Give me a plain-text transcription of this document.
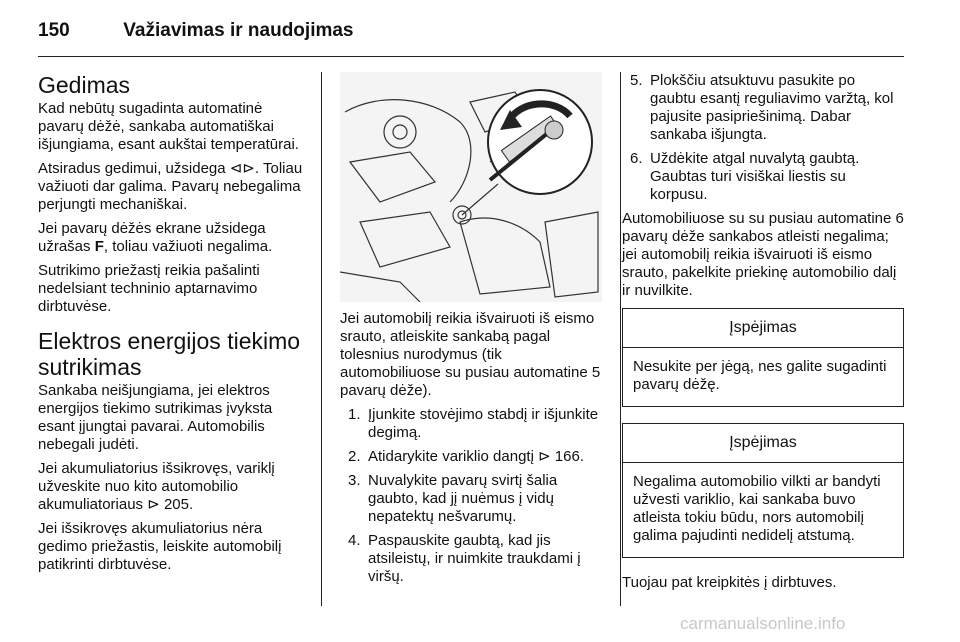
150	Važiavimas ir naudojimas
Gedimas

Kad nebūtų sugadinta automatinė pavarų dėžė, sankaba automatiškai išjungiama, esant aukštai temperatūrai.

Atsiradus gedimui, užsidega ⊲⊳. Toliau važiuoti dar galima. Pavarų nebegalima perjungti mechaniškai.

Jei pavarų dėžės ekrane užsidega užrašas F, toliau važiuoti negalima.

Sutrikimo priežastį reikia pašalinti nedelsiant techninio aptarnavimo dirbtuvėse.

Elektros energijos tiekimo sutrikimas

Sankaba neišjungiama, jei elektros energijos tiekimo sutrikimas įvyksta esant įjungtai pavarai. Automobilis nebegali judėti.

Jei akumuliatorius išsikrovęs, variklį užveskite nuo kito automobilio akumuliatoriaus ⊳ 205.

Jei išsikrovęs akumuliatorius nėra gedimo priežastis, leiskite automobilį patikrinti dirbtuvėse.

Jei automobilį reikia išvairuoti iš eismo srauto, atleiskite sankabą pagal tolesnius nurodymus (tik automobiliuose su pusiau automatine 5 pavarų dėže).

1. Įjunkite stovėjimo stabdį ir išjunkite degimą.
2. Atidarykite variklio dangtį ⊳ 166.
3. Nuvalykite pavarų svirtį šalia gaubto, kad jį nuėmus į vidų nepatektų nešvarumų.
4. Paspauskite gaubtą, kad jis atsileistų, ir nuimkite traukdami į viršų.
5. Plokščiu atsuktuvu pasukite po gaubtu esantį reguliavimo varžtą, kol pajusite pasipriešinimą. Dabar sankaba išjungta.
6. Uždėkite atgal nuvalytą gaubtą. Gaubtas turi visiškai liestis su korpusu.

Automobiliuose su su pusiau automatine 6 pavarų dėže sankabos atleisti negalima; jei automobilį reikia išvairuoti iš eismo srauto, pakelkite priekinę automobilio dalį ir nuvilkite.

Įspėjimas
Nesukite per jėgą, nes galite sugadinti pavarų dėžę.
Įspėjimas
Negalima automobilio vilkti ar bandyti užvesti variklio, kai sankaba buvo atleista tokiu būdu, nors automobilį galima pajudinti nedidelį atstumą.

Tuojau pat kreipkitės į dirbtuves.

carmanualsonline.info
